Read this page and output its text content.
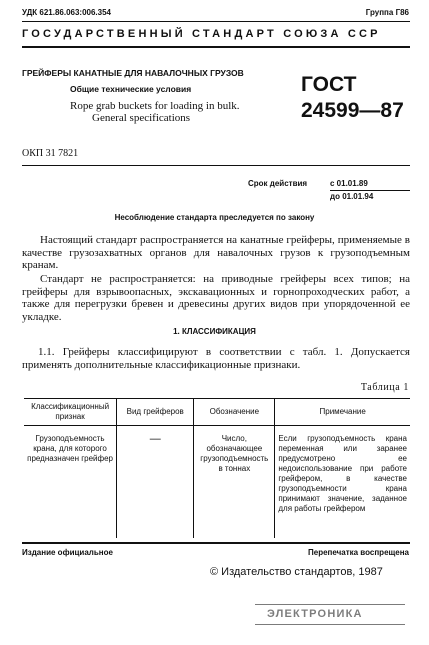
УДК 621.86.063:006.354	Группа Г86
ГОСУДАРСТВЕННЫЙ СТАНДАРТ СОЮЗА ССР
ГРЕЙФЕРЫ КАНАТНЫЕ ДЛЯ НАВАЛОЧНЫХ ГРУЗОВ
Общие технические условия
Rope grab buckets for loading in bulk.
General specifications
ГОСТ
24599—87
ОКП 31 7821
Срок действия	с 01.01.89
до 01.01.94
Несоблюдение стандарта преследуется по закону
Настоящий стандарт распространяется на канатные грейферы, применяемые в качестве грузозахватных органов для навалочных грузов к грузоподъемным кранам.
Стандарт не распространяется: на приводные грейферы всех типов; на грейферы для взрывоопасных, экскавационных и горнопроходческих работ, а также для перегрузки бревен и древесины других видов при упорядоченной ее укладке.
1. КЛАССИФИКАЦИЯ
1.1. Грейферы классифицируют в соответствии с табл. 1. Допускается применять дополнительные классификационные признаки.
Таблица 1
Классификационный признак	Вид грейферов	Обозначение	Примечание
Грузоподъемность крана, для которого предназначен грейфер	—	Число, обозначающее грузоподъемность в тоннах	Если грузоподъемность крана переменная или заранее предусмотрено ее недоиспользование при работе грейфером, в качестве грузоподъемности крана принимают значение, заданное для работы грейфером
Издание официальное	Перепечатка воспрещена
© Издательство стандартов, 1987
ЭЛЕКТРОНИКА
